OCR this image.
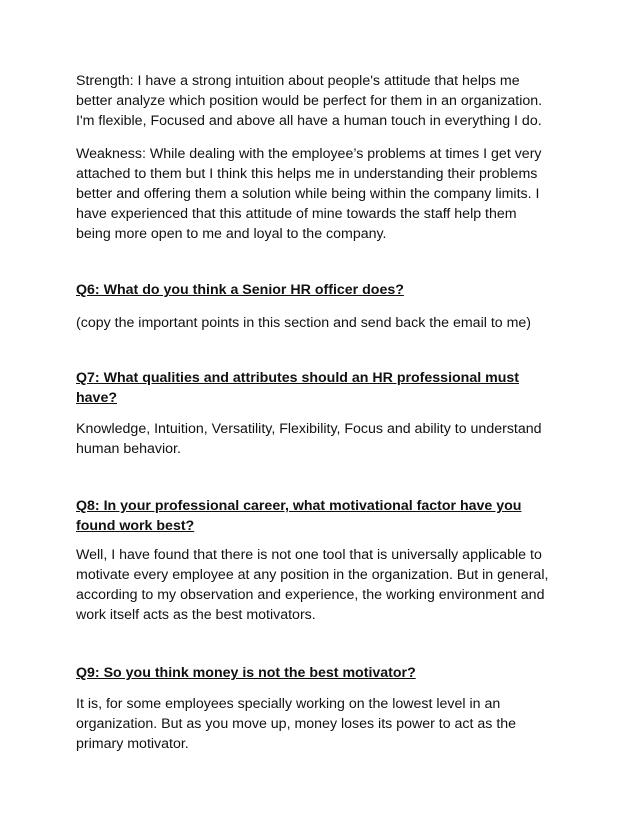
Strength: I have a strong intuition about people's attitude that helps me
better analyze which position would be perfect for them in an organization.
I'm flexible, Focused and above all have a human touch in everything I do.

Weakness: While dealing with the employee’s problems at times I get very
attached to them but I think this helps me in understanding their problems
better and offering them a solution while being within the company limits. I
have experienced that this attitude of mine towards the staff help them
being more open to me and loyal to the company.

Q6: What do you think a Senior HR officer does?

(copy the important points in this section and send back the email to me)

Q7: What qualities and attributes should an HR professional must
have?

Knowledge, Intuition, Versatility, Flexibility, Focus and ability to understand
human behavior.

Q8: In your professional career, what motivational factor have you
found work best?

Well, I have found that there is not one tool that is universally applicable to
motivate every employee at any position in the organization. But in general,
according to my observation and experience, the working environment and
work itself acts as the best motivators.

Q9: So you think money is not the best motivator?

It is, for some employees specially working on the lowest level in an
organization. But as you move up, money loses its power to act as the
primary motivator.
